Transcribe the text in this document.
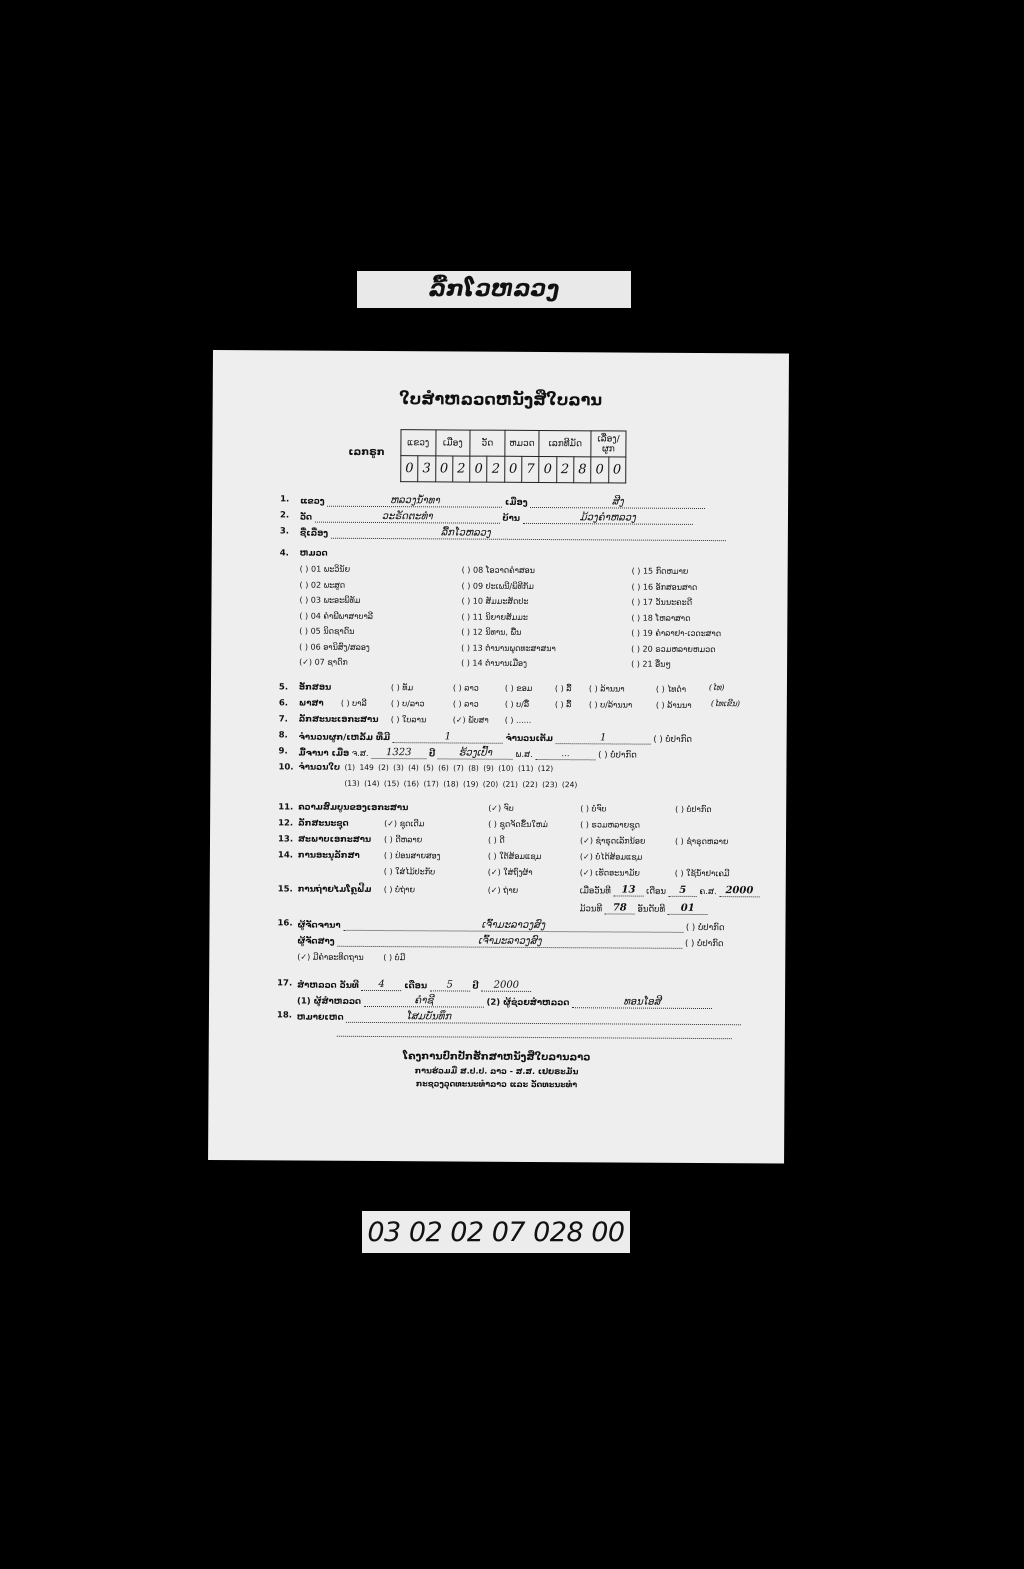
ລື້ກໂວຫລວງ
ໃບສໍາຫລວດຫນັງສືໃບລານ
ເລກຣູກ
ແຂວງ		ເມືອງ		ວັດ		ຫມວດ		ເລກທີມັດ			ເລື່ອງ/ຜູກ	
0	3	0	2	0	2	0	7	0	2	8	0	0
1. ແຂວງ	ຫລວງນໍ້າທາ	ເມືອງ	ສີງ
2. ວັດ	ວະຣັດຕະທໍາ	ບ້ານ	ມ້ວງຄໍາຫລວງ
3. ຊື່ເລື່ອງ	ລື້ກໂວຫລວງ
4. ຫມວດ
( ) 01 ພະວິນັຍ	( ) 08 ໂອວາດຄໍາສອນ	( ) 15 ກົດຫມາຍ
( ) 02 ພະສູດ	( ) 09 ປະເພນີ/ພິທີກັມ	( ) 16 ອັກສອນສາດ
( ) 03 ພະອະພິທັມ	( ) 10 ສັມມະສັດປະ	( ) 17 ວັນນະຄະດີ
( ) 04 ຄໍາພີພາສາບາລີ	( ) 11 ນິຍາຍສັມມະ	( ) 18 ໂຫລາສາດ
( ) 05 ນິດຊາດົນ	( ) 12 ນິທານ, ພື້ນ	( ) 19 ຄໍາລາຢາ-ເວດະສາດ
( ) 06 ອານິສົງ/ສລອງ	( ) 13 ຕໍານານພຸດທະສາສນາ	( ) 20 ຣວມຫລາຍຫມວດ
(✓) 07 ຊາດົກ	( ) 14 ຕໍານານເມືອງ	( ) 21 ອື່ນໆ
5. ອັກສອນ	( ) ທັມ	( ) ລາວ	( ) ຂອມ	( ) ລື້ ( ) ລ້ານນາ	( ) ໄທດໍາ	(ໄທ)
6. ພາສາ ( ) ບາລີ	( ) ບ/ລາວ	( ) ລາວ	( ) ບ/ລື້	( ) ລື້ ( ) ບ/ລ້ານນາ	( ) ລ້ານນາ (ໄທເຂີນ)
7. ລັກສະນະເອກະສານ ( ) ໃບລານ	(✓) ພັບສາ ( ) ......
8. ຈໍານວນຜູກ/ເຫລັ້ມ ທີ່ມີ	1	ຈໍານວນເຕັມ	1	( ) ບໍ່ປາກົດ
9. ມື້ຈານາ ເມື່ອ ຈ.ສ. 1323 ປີ ຮ້ວງເປົ້າ	ພ.ສ.	...	( ) ບໍ່ປາກົດ
10. ຈໍານວນໃບ (1) 149 (2) (3) (4) (5) (6) (7) (8) (9) (10) (11) (12)
(13) (14) (15) (16) (17) (18) (19) (20) (21) (22) (23) (24)
11. ຄວາມສົມບູນຂອງເອກະສານ	(✓) ຈົບ	( ) ບໍ່ຈົບ	( ) ບໍ່ປາກົດ
12. ລັກສະນະຊຸດ	(✓) ຊຸດເດີມ	( ) ຊຸດຈັດຂຶ້ນໃຫມ່	( ) ຣວມຫລາຍຊຸດ
13. ສະພາບເອກະສານ ( ) ດີຫລາຍ	( ) ດີ	(✓) ຊໍາຣຸດເລັກນ້ອຍ	( ) ຊໍາຣຸດຫລາຍ
14. ການອະນຸລັກສາ	( ) ປ່ອນສາຍສອງ	( ) ໃຕ້ສ້ອມແຊມ	(✓) ບໍ່ໄດ້ສ້ອມແຊມ
( ) ໃສ່ໄມ້ປະກັບ	(✓) ໃສ່ຖົງຜ້າ	(✓) ເຮັດອະນາມັຍ	( ) ໃຊ້ນໍ້າຢາເຄມີ
15. ການຖ່າຍໄມໂຄຼຟີມ ( ) ບໍ່ຖ່າຍ	(✓) ຖ່າຍ	ເມື່ອວັນທີ 13 ເດືອນ 5 ຄ.ສ. 2000
ມ້ວນທີ 78 ອັນດັບທີ 01
16. ຜູ້ຈັດຈານາ	ເຈົ້າມະລາວງສົງ	( ) ບໍ່ປາກົດ
ຜູ້ຈັດສາງ	ເຈົ້າມະລາວງສົງ	( ) ບໍ່ປາກົດ
(✓) ມີຄໍາອະທິດຖານ ( ) ບໍ່ມີ
17. ສໍາຫລວດ ວັນທີ 4 ເດືອນ 5 ປີ 2000
(1) ຜູ້ສໍາຫລວດ	ຄໍາຊີ	(2) ຜູ້ຊ່ວຍສໍາຫລວດ	ທອນໂອສີ
18. ຫມາຍເຫດ	ໂສມບັນທຶກ
ໂຄງການປົກປັກຮັກສາຫນັງສືໃບລານລາວ
ການຮ່ວມມື ສ.ປ.ປ. ລາວ - ສ.ສ. ເຢຍຣະມັນ
ກະຊວງວຸດທະນະທໍາລາວ ແລະ ວັດທະນະທໍາ
03 02 02 07 028 00
